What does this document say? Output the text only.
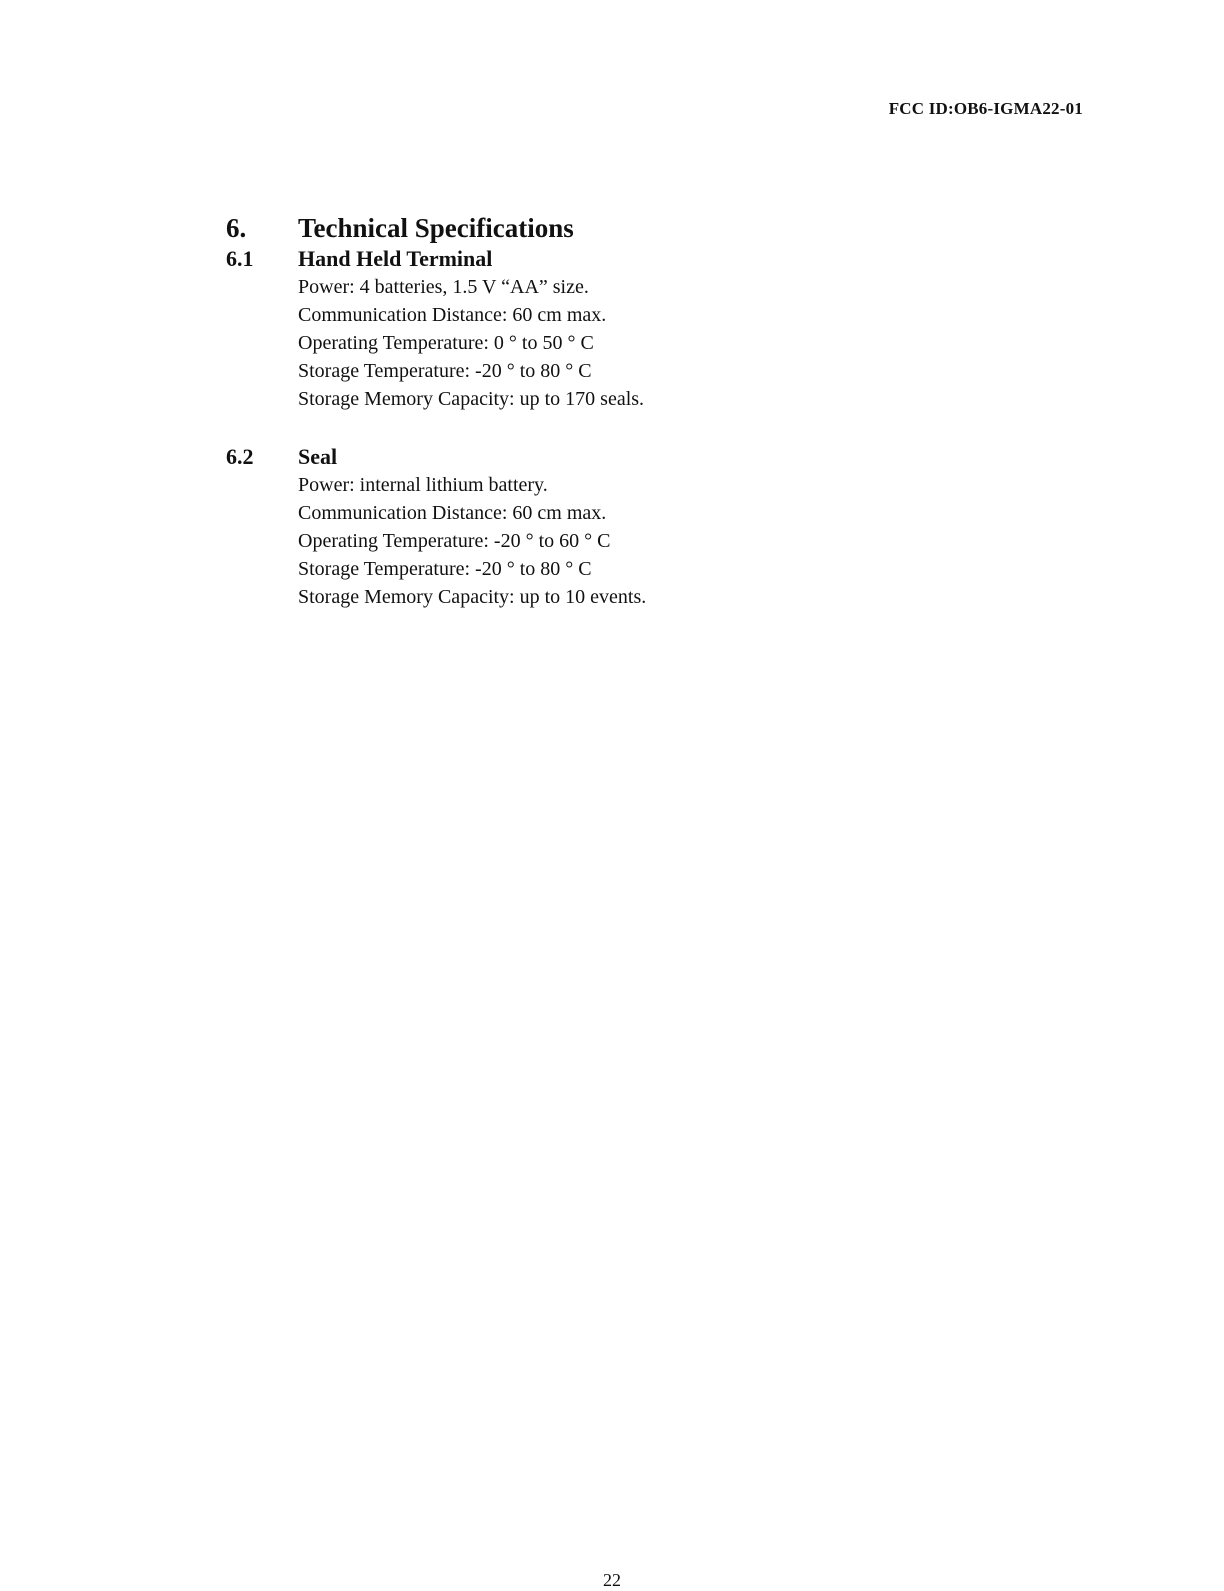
FCC ID:OB6-IGMA22-01
6.	Technical Specifications
6.1 Hand Held Terminal
Power: 4 batteries, 1.5 V “AA” size.
Communication Distance: 60 cm max.
Operating Temperature: 0 ° to 50 ° C
Storage Temperature: -20 ° to 80 ° C
Storage Memory Capacity: up to 170 seals.
6.2 Seal
Power: internal lithium battery.
Communication Distance: 60 cm max.
Operating Temperature: -20 ° to 60 ° C
Storage Temperature: -20 ° to 80 ° C
Storage Memory Capacity: up to 10 events.
22
